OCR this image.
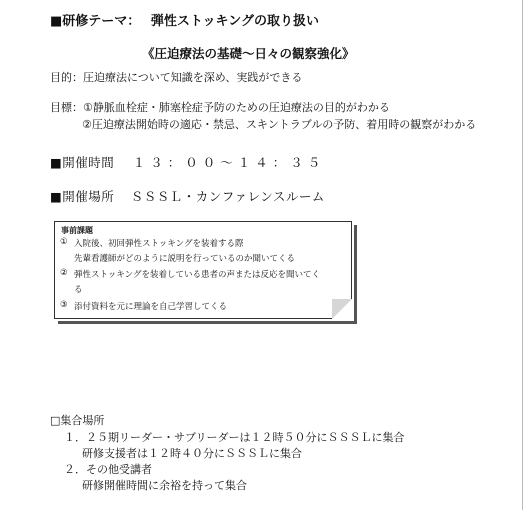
■研修テーマ： 弾性ストッキングの取り扱い
《圧迫療法の基礎～日々の観察強化》
目的：圧迫療法について知識を深め、実践ができる
目標：①静脈血栓症・肺塞栓症予防のための圧迫療法の目的がわかる
②圧迫療法開始時の適応・禁忌、スキントラブルの予防、着用時の観察がわかる
■開催時間 １３：００～１４：３５
■開催場所 ＳＳＳＬ・カンファレンスルーム
事前課題
① 入院後、初回弾性ストッキングを装着する際
先輩看護師がどのように説明を行っているのか聞いてくる
② 弾性ストッキングを装着している患者の声または反応を聞いてく
る
③ 添付資料を元に理論を自己学習してくる
□集合場所
１．２５期リーダー・サブリーダーは１２時５０分にＳＳＳＬに集合
研修支援者は１２時４０分にＳＳＳＬに集合
２．その他受講者
研修開催時間に余裕を持って集合
